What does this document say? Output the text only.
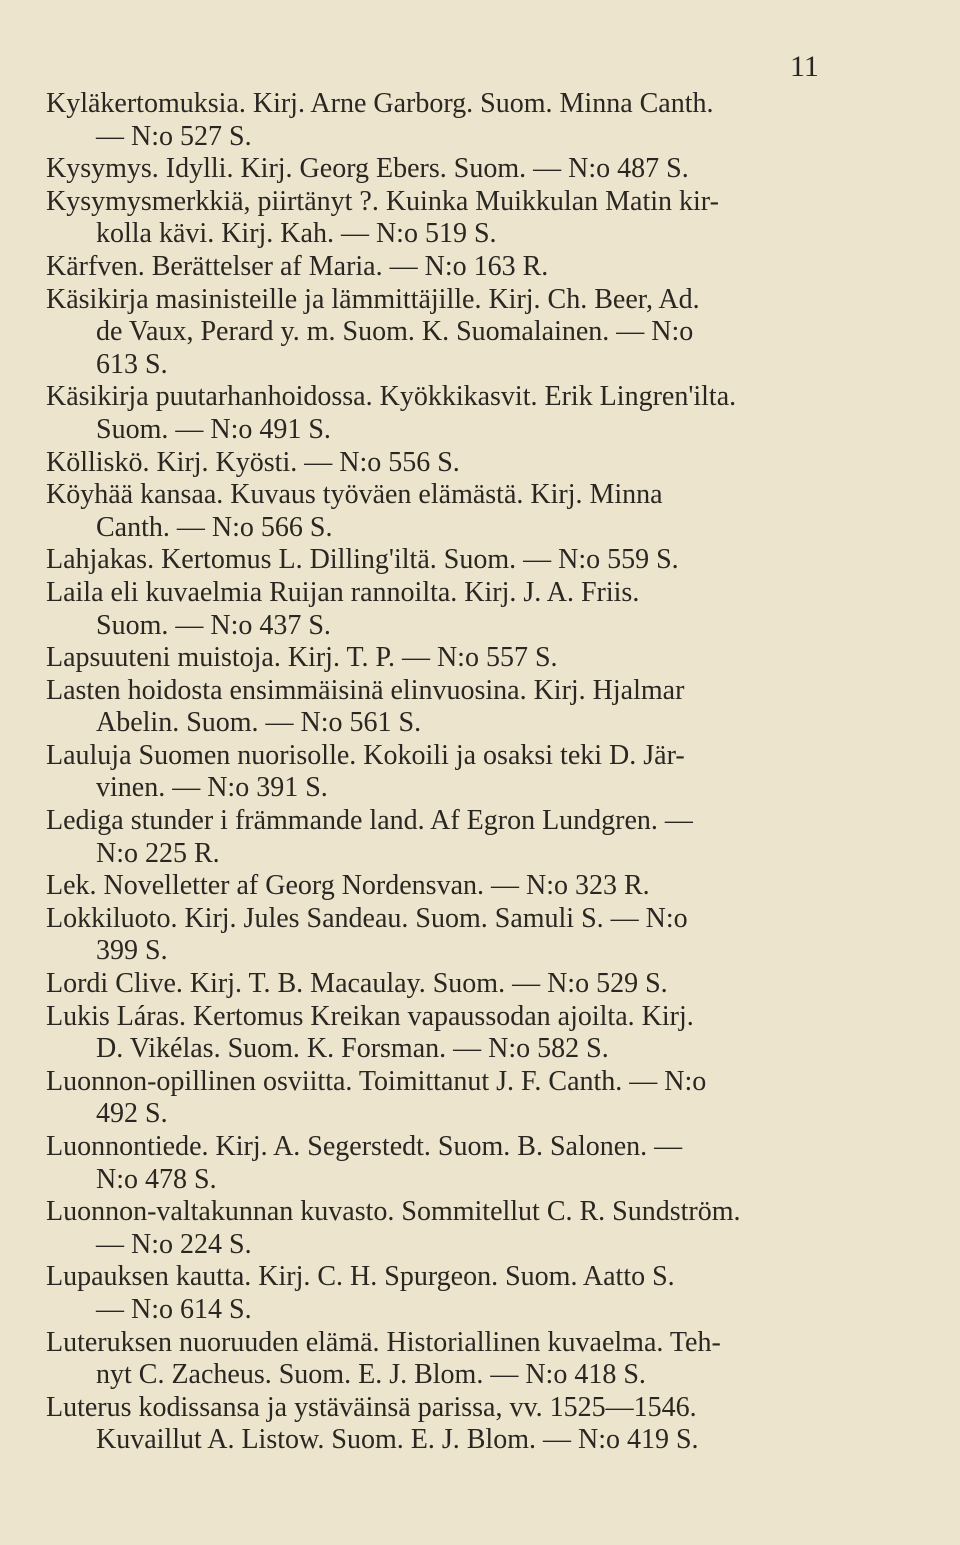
11
Kyläkertomuksia. Kirj. Arne Garborg. Suom. Minna Canth.
— N:o 527 S.
Kysymys. Idylli. Kirj. Georg Ebers. Suom. — N:o 487 S.
Kysymysmerkkiä, piirtänyt ?. Kuinka Muikkulan Matin kir-
kolla kävi. Kirj. Kah. — N:o 519 S.
Kärfven. Berättelser af Maria. — N:o 163 R.
Käsikirja masinisteille ja lämmittäjille. Kirj. Ch. Beer, Ad.
de Vaux, Perard y. m. Suom. K. Suomalainen. — N:o
613 S.
Käsikirja puutarhanhoidossa. Kyökkikasvit. Erik Lingren'ilta.
Suom. — N:o 491 S.
Kölliskö. Kirj. Kyösti. — N:o 556 S.
Köyhää kansaa. Kuvaus työväen elämästä. Kirj. Minna
Canth. — N:o 566 S.
Lahjakas. Kertomus L. Dilling'iltä. Suom. — N:o 559 S.
Laila eli kuvaelmia Ruijan rannoilta. Kirj. J. A. Friis.
Suom. — N:o 437 S.
Lapsuuteni muistoja. Kirj. T. P. — N:o 557 S.
Lasten hoidosta ensimmäisinä elinvuosina. Kirj. Hjalmar
Abelin. Suom. — N:o 561 S.
Lauluja Suomen nuorisolle. Kokoili ja osaksi teki D. Jär-
vinen. — N:o 391 S.
Lediga stunder i främmande land. Af Egron Lundgren. —
N:o 225 R.
Lek. Novelletter af Georg Nordensvan. — N:o 323 R.
Lokkiluoto. Kirj. Jules Sandeau. Suom. Samuli S. — N:o
399 S.
Lordi Clive. Kirj. T. B. Macaulay. Suom. — N:o 529 S.
Lukis Láras. Kertomus Kreikan vapaussodan ajoilta. Kirj.
D. Vikélas. Suom. K. Forsman. — N:o 582 S.
Luonnon-opillinen osviitta. Toimittanut J. F. Canth. — N:o
492 S.
Luonnontiede. Kirj. A. Segerstedt. Suom. B. Salonen. —
N:o 478 S.
Luonnon-valtakunnan kuvasto. Sommitellut C. R. Sundström.
— N:o 224 S.
Lupauksen kautta. Kirj. C. H. Spurgeon. Suom. Aatto S.
— N:o 614 S.
Luteruksen nuoruuden elämä. Historiallinen kuvaelma. Teh-
nyt C. Zacheus. Suom. E. J. Blom. — N:o 418 S.
Luterus kodissansa ja ystäväinsä parissa, vv. 1525—1546.
Kuvaillut A. Listow. Suom. E. J. Blom. — N:o 419 S.
